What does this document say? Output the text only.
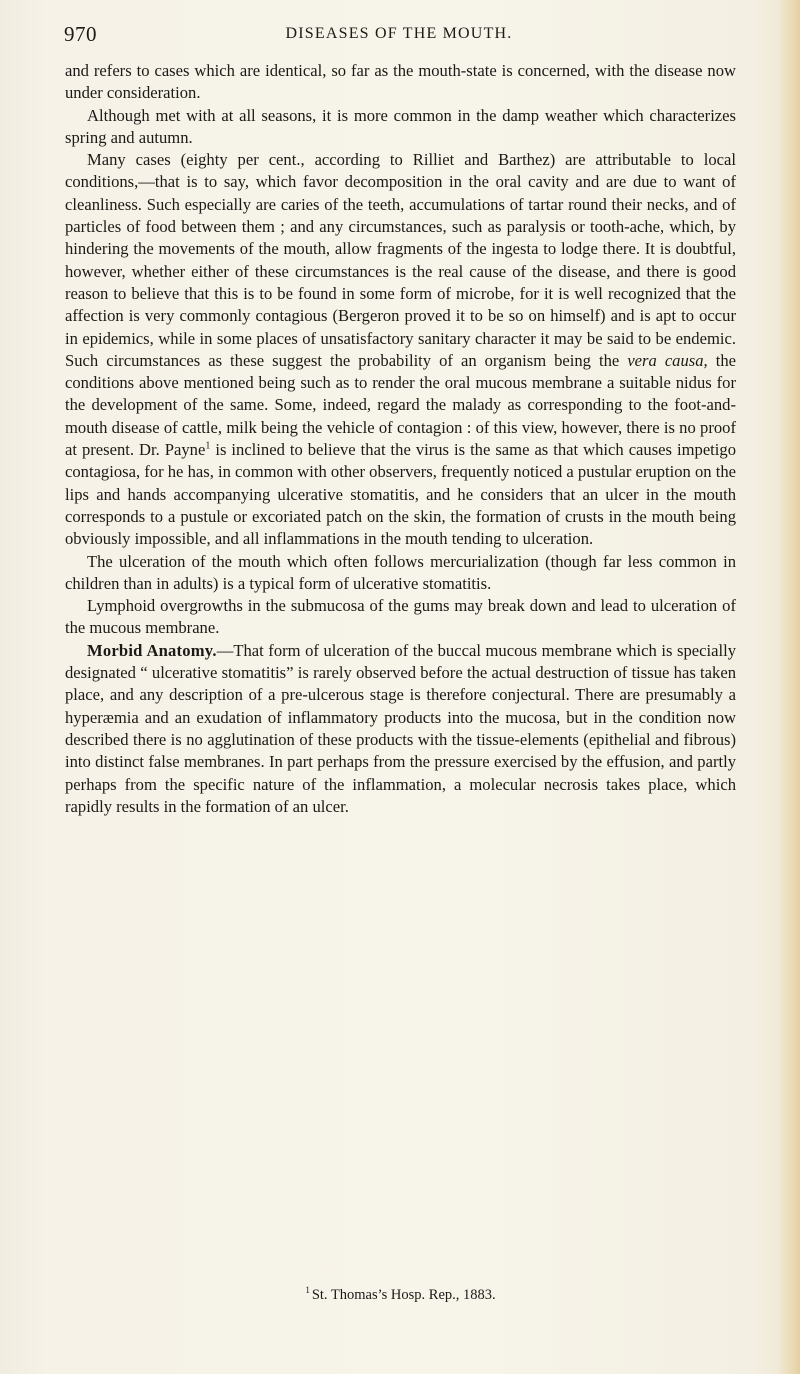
970	DISEASES OF THE MOUTH.

and refers to cases which are identical, so far as the mouth-state is concerned, with the disease now under consideration.

Although met with at all seasons, it is more common in the damp weather which characterizes spring and autumn.

Many cases (eighty per cent., according to Rilliet and Barthez) are attributable to local conditions,—that is to say, which favor decomposition in the oral cavity and are due to want of cleanliness. Such especially are caries of the teeth, accumulations of tartar round their necks, and of particles of food between them ; and any circumstances, such as paralysis or tooth-ache, which, by hindering the movements of the mouth, allow fragments of the ingesta to lodge there. It is doubtful, however, whether either of these circumstances is the real cause of the disease, and there is good reason to believe that this is to be found in some form of microbe, for it is well recognized that the affection is very commonly contagious (Bergeron proved it to be so on himself) and is apt to occur in epidemics, while in some places of unsatisfactory sanitary character it may be said to be endemic. Such circumstances as these suggest the probability of an organism being the vera causa, the conditions above mentioned being such as to render the oral mucous membrane a suitable nidus for the development of the same. Some, indeed, regard the malady as corresponding to the foot-and-mouth disease of cattle, milk being the vehicle of contagion : of this view, however, there is no proof at present. Dr. Payne$^1$ is inclined to believe that the virus is the same as that which causes impetigo contagiosa, for he has, in common with other observers, frequently noticed a pustular eruption on the lips and hands accompanying ulcerative stomatitis, and he considers that an ulcer in the mouth corresponds to a pustule or excoriated patch on the skin, the formation of crusts in the mouth being obviously impossible, and all inflammations in the mouth tending to ulceration.

The ulceration of the mouth which often follows mercurialization (though far less common in children than in adults) is a typical form of ulcerative stomatitis.

Lymphoid overgrowths in the submucosa of the gums may break down and lead to ulceration of the mucous membrane.

Morbid Anatomy.—That form of ulceration of the buccal mucous membrane which is specially designated “ ulcerative stomatitis” is rarely observed before the actual destruction of tissue has taken place, and any description of a pre-ulcerous stage is therefore conjectural. There are presumably a hyperæmia and an exudation of inflammatory products into the mucosa, but in the condition now described there is no agglutination of these products with the tissue-elements (epithelial and fibrous) into distinct false membranes. In part perhaps from the pressure exercised by the effusion, and partly perhaps from the specific nature of the inflammation, a molecular necrosis takes place, which rapidly results in the formation of an ulcer.

$^1$ St. Thomas’s Hosp. Rep., 1883.
